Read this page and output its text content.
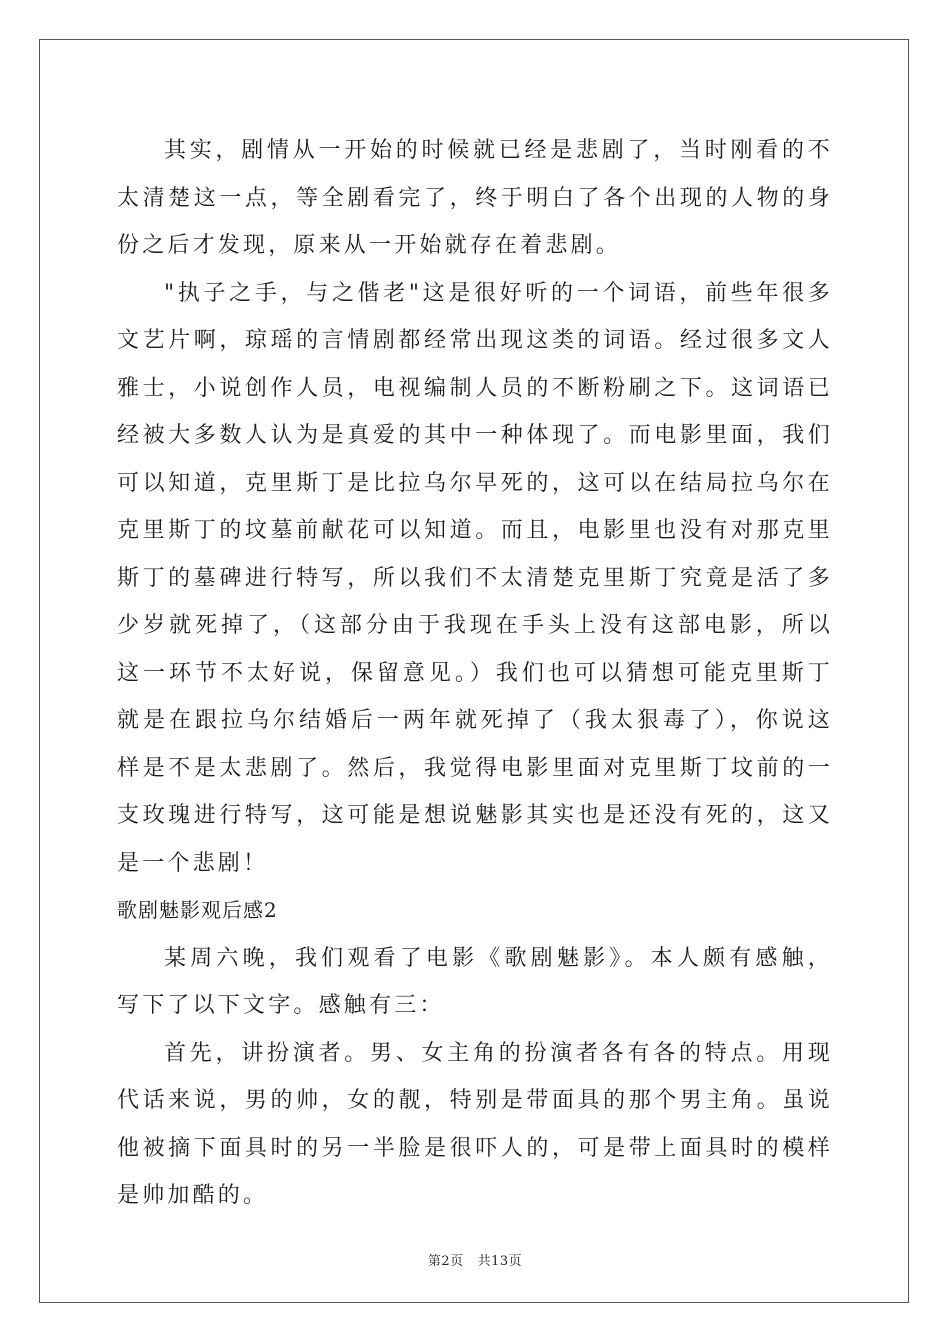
其实，剧情从一开始的时候就已经是悲剧了，当时刚看的不太清楚这一点，等全剧看完了，终于明白了各个出现的人物的身份之后才发现，原来从一开始就存在着悲剧。

"执子之手，与之偕老"这是很好听的一个词语，前些年很多文艺片啊，琼瑶的言情剧都经常出现这类的词语。经过很多文人雅士，小说创作人员，电视编制人员的不断粉刷之下。这词语已经被大多数人认为是真爱的其中一种体现了。而电影里面，我们可以知道，克里斯丁是比拉乌尔早死的，这可以在结局拉乌尔在克里斯丁的坟墓前献花可以知道。而且，电影里也没有对那克里斯丁的墓碑进行特写，所以我们不太清楚克里斯丁究竟是活了多少岁就死掉了，（这部分由于我现在手头上没有这部电影，所以这一环节不太好说，保留意见。）我们也可以猜想可能克里斯丁就是在跟拉乌尔结婚后一两年就死掉了（我太狠毒了），你说这样是不是太悲剧了。然后，我觉得电影里面对克里斯丁坟前的一支玫瑰进行特写，这可能是想说魅影其实也是还没有死的，这又是一个悲剧！

歌剧魅影观后感2

某周六晚，我们观看了电影《歌剧魅影》。本人颇有感触，写下了以下文字。感触有三：

首先，讲扮演者。男、女主角的扮演者各有各的特点。用现代话来说，男的帅，女的靓，特别是带面具的那个男主角。虽说他被摘下面具时的另一半脸是很吓人的，可是带上面具时的模样是帅加酷的。

第2页 共13页
